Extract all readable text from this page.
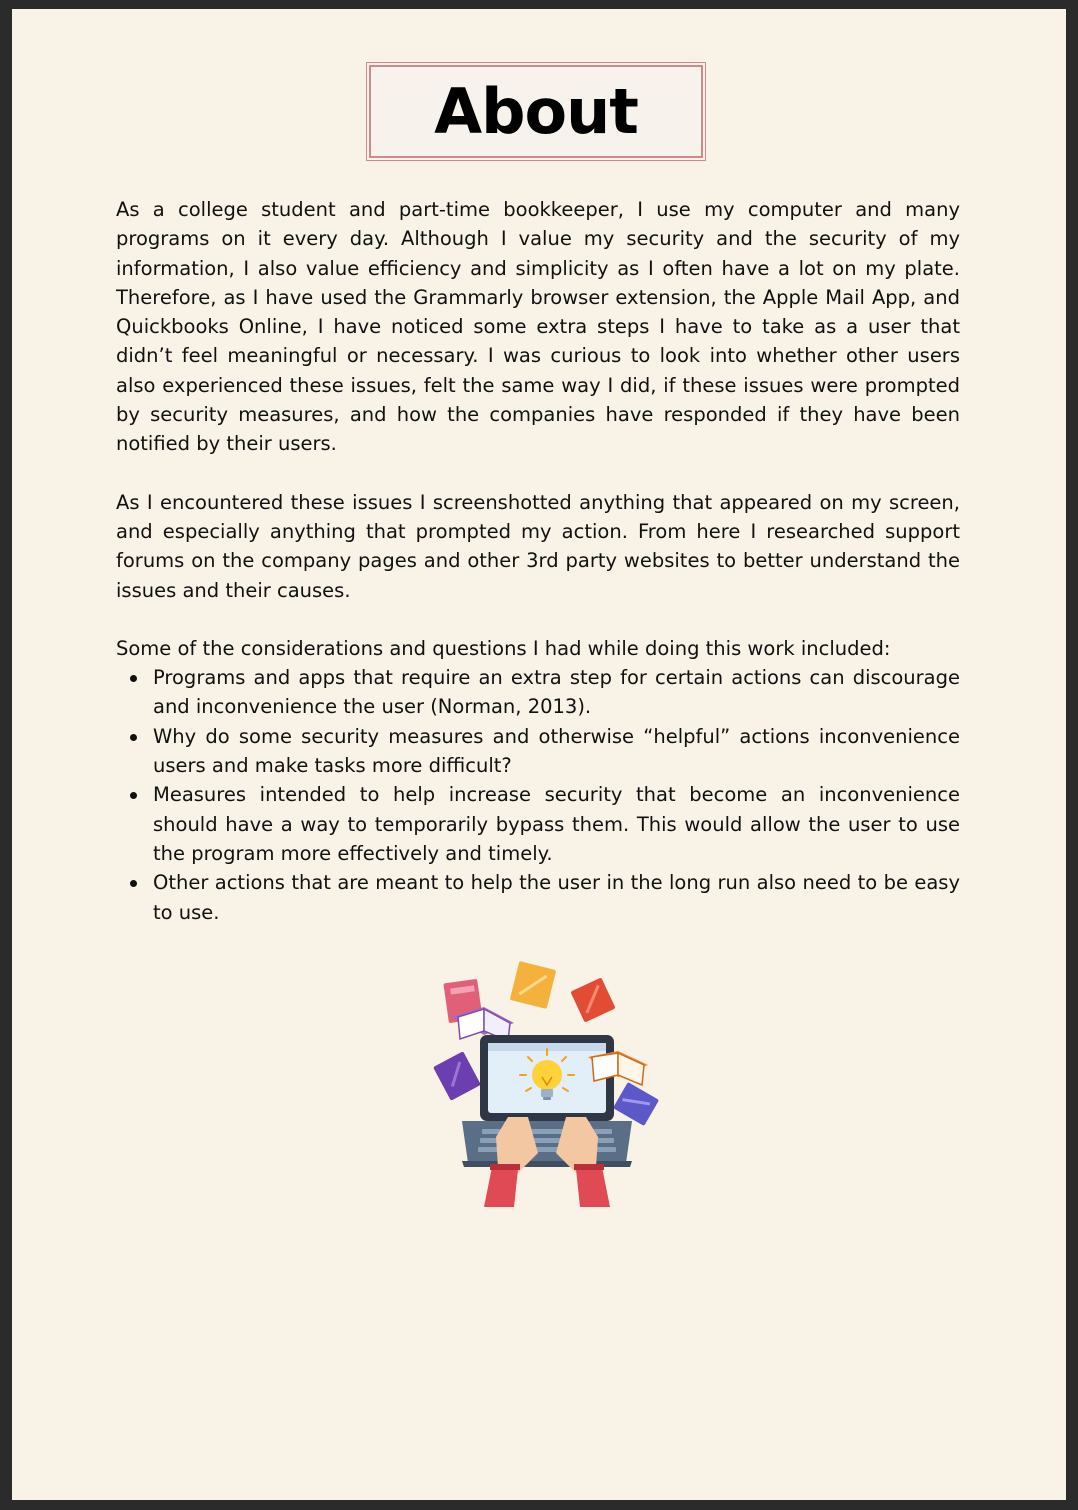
About

As a college student and part-time bookkeeper, I use my computer and many programs on it every day. Although I value my security and the security of my information, I also value efficiency and simplicity as I often have a lot on my plate. Therefore, as I have used the Grammarly browser extension, the Apple Mail App, and Quickbooks Online, I have noticed some extra steps I have to take as a user that didn’t feel meaningful or necessary. I was curious to look into whether other users also experienced these issues, felt the same way I did, if these issues were prompted by security measures, and how the companies have responded if they have been notified by their users.

As I encountered these issues I screenshotted anything that appeared on my screen, and especially anything that prompted my action. From here I researched support forums on the company pages and other 3rd party websites to better understand the issues and their causes.

Some of the considerations and questions I had while doing this work included:

Programs and apps that require an extra step for certain actions can discourage and inconvenience the user (Norman, 2013).
Why do some security measures and otherwise “helpful” actions inconvenience users and make tasks more difficult?
Measures intended to help increase security that become an inconvenience should have a way to temporarily bypass them. This would allow the user to use the program more effectively and timely.
Other actions that are meant to help the user in the long run also need to be easy to use.
